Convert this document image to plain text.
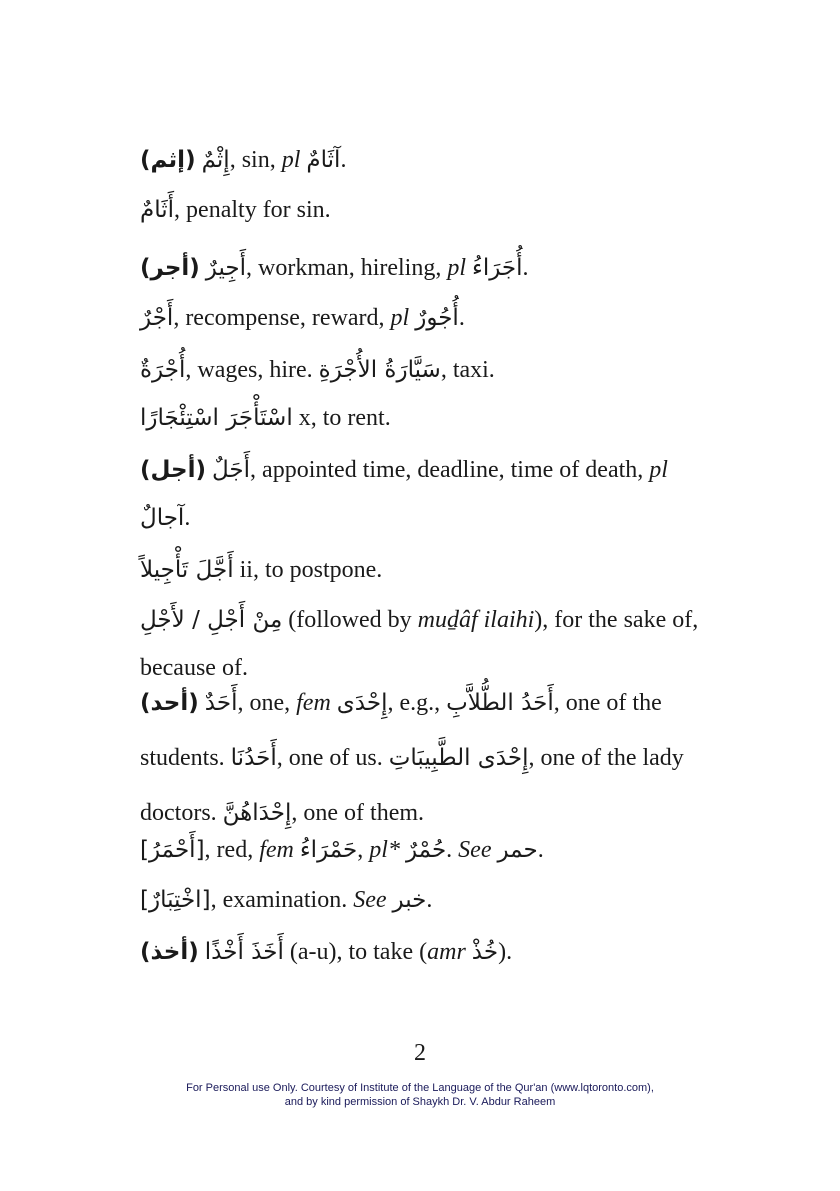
(إثم) إِثْمٌ, sin, pl آثَامٌ.
أَثَامٌ, penalty for sin.
(أجر) أَجِيرٌ, workman, hireling, pl أُجَرَاءُ.
أَجْرٌ, recompense, reward, pl أُجُورٌ.
أُجْرَةٌ, wages, hire. سَيَّارَةُ الأُجْرَةِ, taxi.
اسْتَأْجَرَ اسْتِئْجَارًا x, to rent.
(أجل) أَجَلٌ, appointed time, deadline, time of death, pl آجالٌ.
أَجَّلَ تَأْجِيلاً ii, to postpone.
مِنْ أَجْلِ / لأَجْلِ (followed by muḏâf ilaihi), for the sake of, because of.
(أحد) أَحَدٌ, one, fem إِحْدَى, e.g., أَحَدُ الطُّلاَّبِ, one of the students. أَحَدُنَا, one of us. إِحْدَى الطَّبِيبَاتِ, one of the lady doctors. إِحْدَاهُنَّ, one of them.
[أَحْمَرُ], red, fem حَمْرَاءُ, pl* حُمْرٌ. See حمر.
[اخْتِبَارٌ], examination. See خبر.
(أخذ) أَخَذَ أَخْذًا (a-u), to take (amr خُذْ).
2
For Personal use Only. Courtesy of Institute of the Language of the Qur'an (www.lqtoronto.com),
and by kind permission of Shaykh Dr. V. Abdur Raheem
